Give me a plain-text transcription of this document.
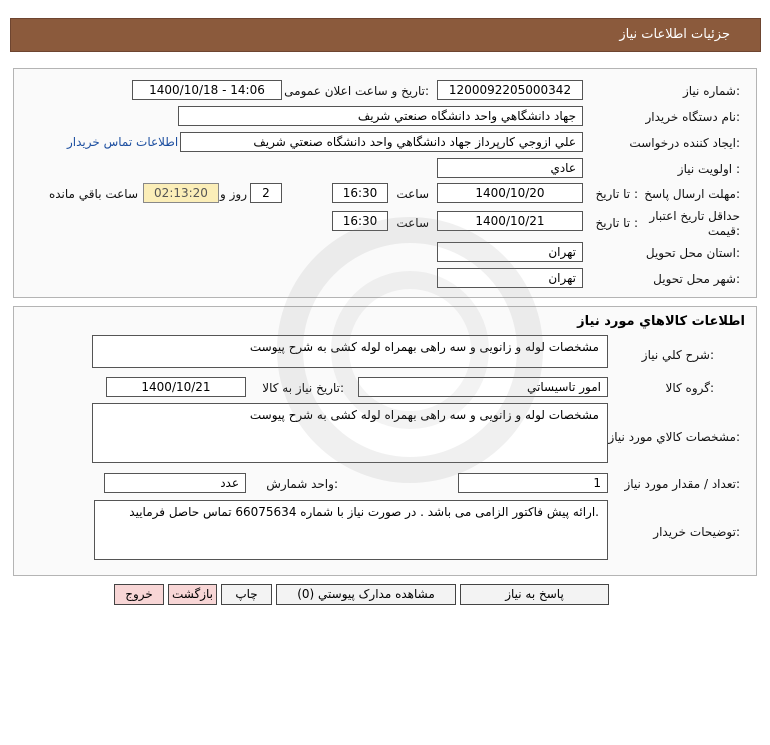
جزئيات اطلاعات نياز
شماره نياز:
1200092205000342
تاريخ و ساعت اعلان عمومی:
1400/10/18 - 14:06
نام دستگاه خريدار:
جهاد دانشگاهي واحد دانشگاه صنعتي شريف
ايجاد کننده درخواست:
علي ازوجي کارپرداز جهاد دانشگاهي واحد دانشگاه صنعتي شريف
اطلاعات تماس خريدار
اولويت نياز :
عادي
مهلت ارسال پاسخ:
تا تاريخ :
1400/10/20
ساعت
16:30
2
روز و
02:13:20
ساعت باقي مانده
حداقل تاريخ اعتبار قيمت:
تا تاريخ :
1400/10/21
ساعت
16:30
استان محل تحويل:
تهران
شهر محل تحويل:
تهران
اطلاعات کالاهاي مورد نياز
شرح کلي نياز:
مشخصات لوله و زانویی و سه راهی بهمراه لوله کشی به شرح پیوست
گروه کالا:
امور تاسيساتي
تاريخ نياز به کالا:
1400/10/21
مشخصات کالاي مورد نياز:
مشخصات لوله و زانویی و سه راهی بهمراه لوله کشی به شرح پیوست
تعداد / مقدار مورد نياز:
1
واحد شمارش:
عدد
توضيحات خريدار:
ارائه پیش فاکتور الزامی می باشد . در صورت نیاز با شماره 66075634 تماس حاصل فرمایید.
پاسخ به نياز
مشاهده مدارک پيوستي (0)
چاپ
بازگشت
خروج
